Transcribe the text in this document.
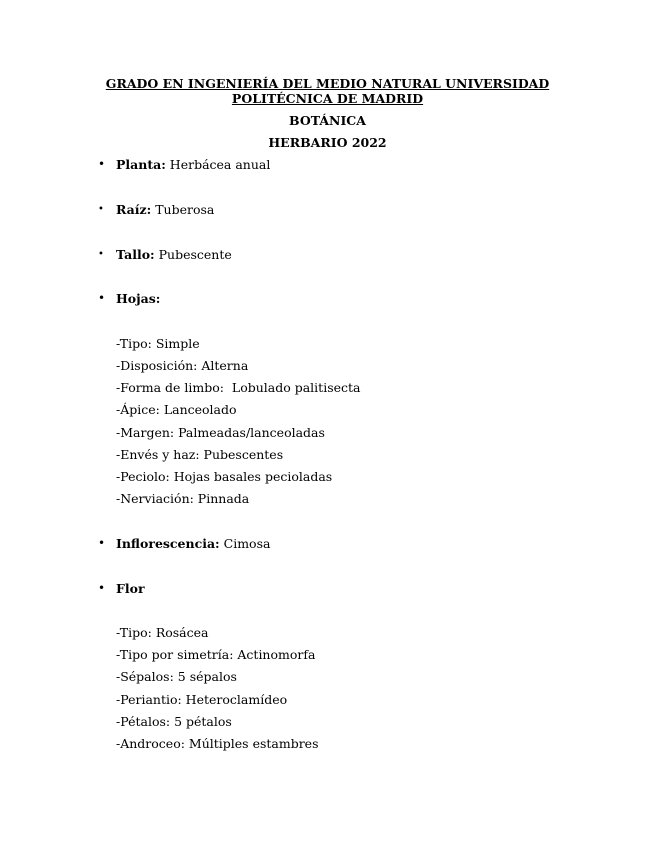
GRADO EN INGENIERÍA DEL MEDIO NATURAL UNIVERSIDAD
POLITÉCNICA DE MADRID
BOTÁNICA
HERBARIO 2022
• Planta: Herbácea anual
• Raíz: Tuberosa
• Tallo: Pubescente
• Hojas:
-Tipo: Simple
-Disposición: Alterna
-Forma de limbo:  Lobulado palitisecta
-Ápice: Lanceolado
-Margen: Palmeadas/lanceoladas
-Envés y haz: Pubescentes
-Peciolo: Hojas basales pecioladas
-Nerviación: Pinnada
• Inflorescencia: Cimosa
• Flor
-Tipo: Rosácea
-Tipo por simetría: Actinomorfa
-Sépalos: 5 sépalos
-Periantio: Heteroclamídeo
-Pétalos: 5 pétalos
-Androceo: Múltiples estambres
